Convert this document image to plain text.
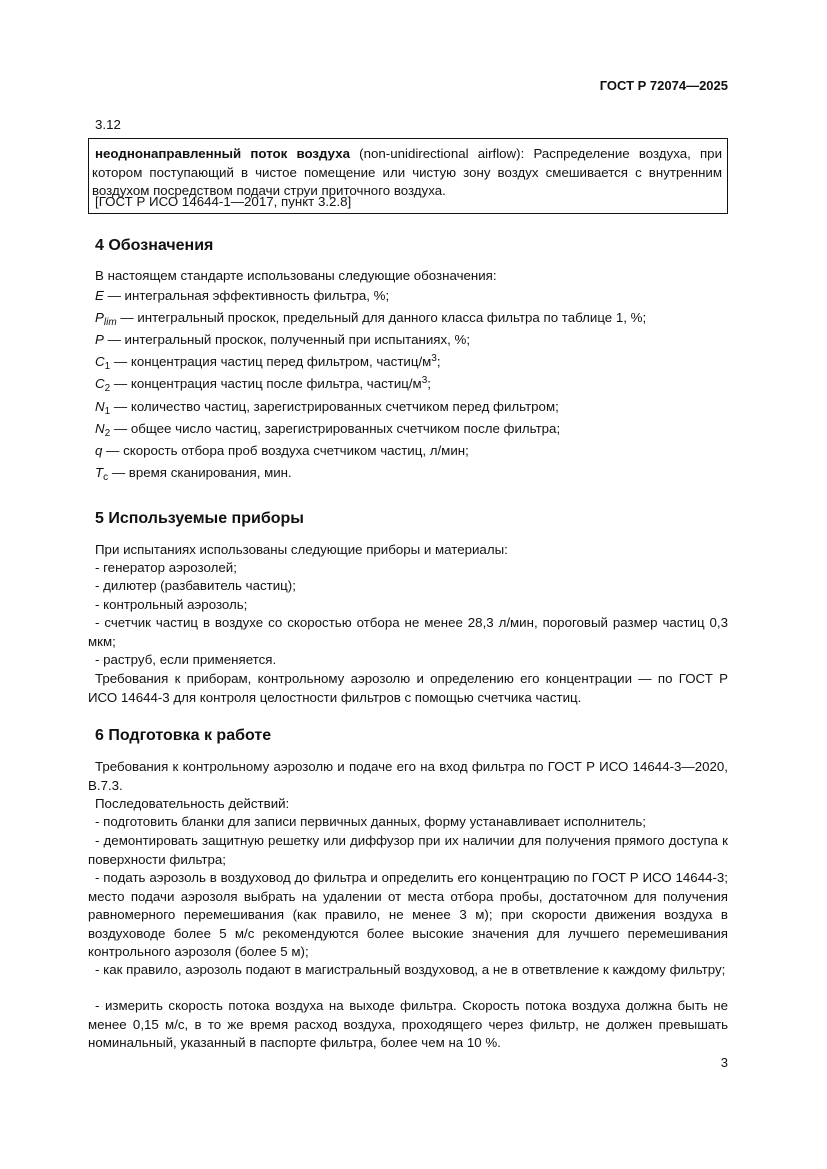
ГОСТ Р 72074—2025
3.12
неоднонаправленный поток воздуха (non-unidirectional airflow): Распределение воздуха, при котором поступающий в чистое помещение или чистую зону воздух смешивается с внутренним воздухом посредством подачи струи приточного воздуха.
[ГОСТ Р ИСО 14644-1—2017, пункт 3.2.8]
4 Обозначения
В настоящем стандарте использованы следующие обозначения:
E — интегральная эффективность фильтра, %;
$P_{lim}$ — интегральный проскок, предельный для данного класса фильтра по таблице 1, %;
P — интегральный проскок, полученный при испытаниях, %;
$C_1$ — концентрация частиц перед фильтром, частиц/$м^3$;
$C_2$ — концентрация частиц после фильтра, частиц/$м^3$;
$N_1$ — количество частиц, зарегистрированных счетчиком перед фильтром;
$N_2$ — общее число частиц, зарегистрированных счетчиком после фильтра;
q — скорость отбора проб воздуха счетчиком частиц, л/мин;
$T_c$ — время сканирования, мин.
5 Используемые приборы
При испытаниях использованы следующие приборы и материалы:
- генератор аэрозолей;
- дилютер (разбавитель частиц);
- контрольный аэрозоль;
- счетчик частиц в воздухе со скоростью отбора не менее 28,3 л/мин, пороговый размер частиц 0,3 мкм;
- раструб, если применяется.
Требования к приборам, контрольному аэрозолю и определению его концентрации — по ГОСТ Р ИСО 14644-3 для контроля целостности фильтров с помощью счетчика частиц.
6 Подготовка к работе
Требования к контрольному аэрозолю и подаче его на вход фильтра по ГОСТ Р ИСО 14644-3—2020, В.7.3.
Последовательность действий:
- подготовить бланки для записи первичных данных, форму устанавливает исполнитель;
- демонтировать защитную решетку или диффузор при их наличии для получения прямого доступа к поверхности фильтра;
- подать аэрозоль в воздуховод до фильтра и определить его концентрацию по ГОСТ Р ИСО 14644-3; место подачи аэрозоля выбрать на удалении от места отбора пробы, достаточном для получения равномерного перемешивания (как правило, не менее 3 м); при скорости движения воздуха в воздуховоде более 5 м/с рекомендуются более высокие значения для лучшего перемешивания контрольного аэрозоля (более 5 м);
- как правило, аэрозоль подают в магистральный воздуховод, а не в ответвление к каждому фильтру;
- измерить скорость потока воздуха на выходе фильтра. Скорость потока воздуха должна быть не менее 0,15 м/с, в то же время расход воздуха, проходящего через фильтр, не должен превышать номинальный, указанный в паспорте фильтра, более чем на 10 %.
3
